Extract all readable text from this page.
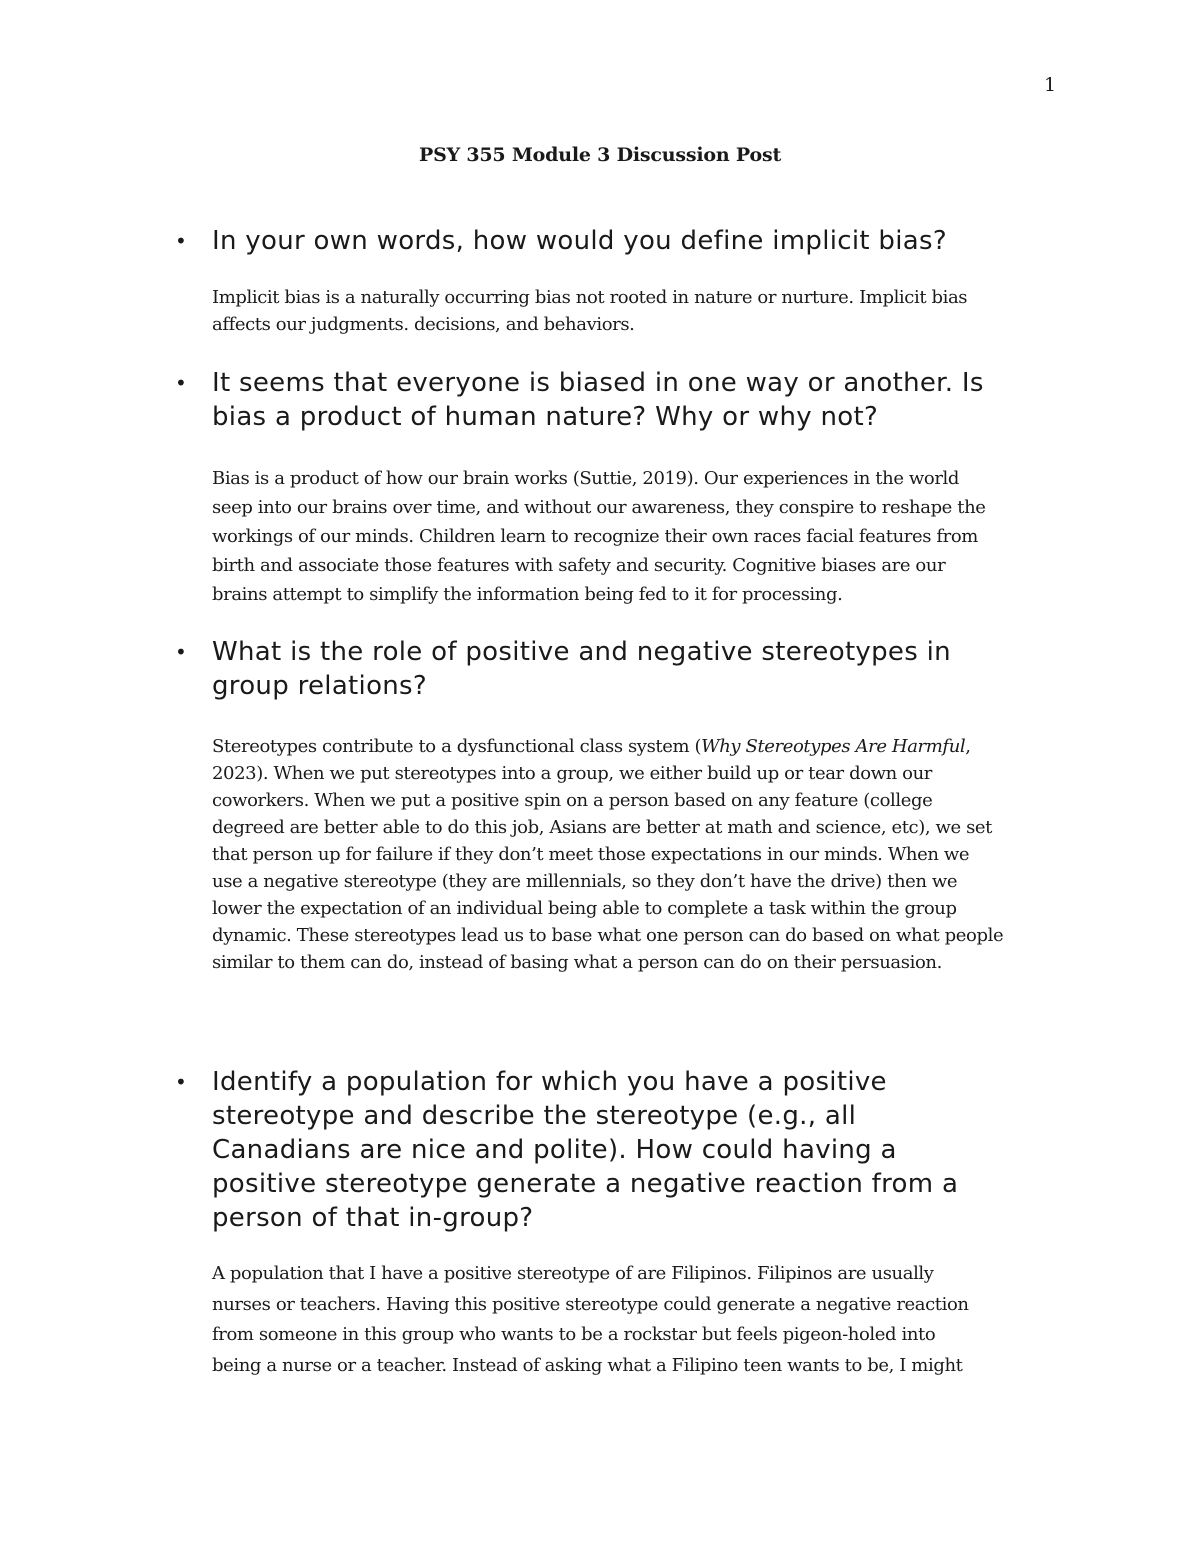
1
PSY 355 Module 3 Discussion Post
• In your own words, how would you define implicit bias?
Implicit bias is a naturally occurring bias not rooted in nature or nurture. Implicit bias
affects our judgments. decisions, and behaviors.
• It seems that everyone is biased in one way or another. Is
bias a product of human nature? Why or why not?
Bias is a product of how our brain works (Suttie, 2019). Our experiences in the world
seep into our brains over time, and without our awareness, they conspire to reshape the
workings of our minds. Children learn to recognize their own races facial features from
birth and associate those features with safety and security. Cognitive biases are our
brains attempt to simplify the information being fed to it for processing.
• What is the role of positive and negative stereotypes in
group relations?
Stereotypes contribute to a dysfunctional class system (Why Stereotypes Are Harmful,
2023). When we put stereotypes into a group, we either build up or tear down our
coworkers. When we put a positive spin on a person based on any feature (college
degreed are better able to do this job, Asians are better at math and science, etc), we set
that person up for failure if they don’t meet those expectations in our minds. When we
use a negative stereotype (they are millennials, so they don’t have the drive) then we
lower the expectation of an individual being able to complete a task within the group
dynamic. These stereotypes lead us to base what one person can do based on what people
similar to them can do, instead of basing what a person can do on their persuasion.
• Identify a population for which you have a positive
stereotype and describe the stereotype (e.g., all
Canadians are nice and polite). How could having a
positive stereotype generate a negative reaction from a
person of that in-group?
A population that I have a positive stereotype of are Filipinos. Filipinos are usually
nurses or teachers. Having this positive stereotype could generate a negative reaction
from someone in this group who wants to be a rockstar but feels pigeon-holed into
being a nurse or a teacher. Instead of asking what a Filipino teen wants to be, I might
